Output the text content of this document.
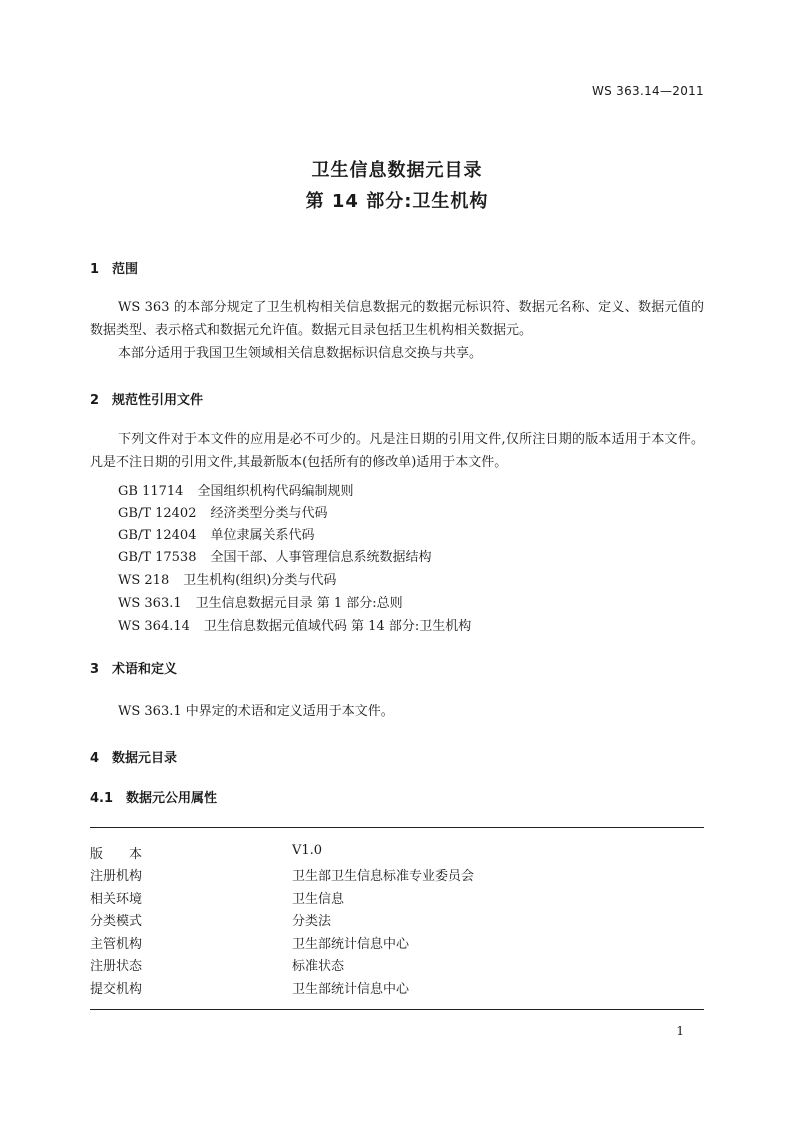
WS 363.14—2011
卫生信息数据元目录
第 14 部分:卫生机构
1 范围

WS 363 的本部分规定了卫生机构相关信息数据元的数据元标识符、数据元名称、定义、数据元值的数据类型、表示格式和数据元允许值。数据元目录包括卫生机构相关数据元。

本部分适用于我国卫生领域相关信息数据标识信息交换与共享。

2 规范性引用文件

下列文件对于本文件的应用是必不可少的。凡是注日期的引用文件,仅所注日期的版本适用于本文件。凡是不注日期的引用文件,其最新版本(包括所有的修改单)适用于本文件。

GB 11714 全国组织机构代码编制规则
GB/T 12402 经济类型分类与代码
GB/T 12404 单位隶属关系代码
GB/T 17538 全国干部、人事管理信息系统数据结构
WS 218 卫生机构(组织)分类与代码
WS 363.1 卫生信息数据元目录 第 1 部分:总则
WS 364.14 卫生信息数据元值域代码 第 14 部分:卫生机构
3 术语和定义

WS 363.1 中界定的术语和定义适用于本文件。

4 数据元目录
4.1 数据元公用属性
版　　本	V1.0
注册机构	卫生部卫生信息标准专业委员会
相关环境	卫生信息
分类模式	分类法
主管机构	卫生部统计信息中心
注册状态	标准状态
提交机构	卫生部统计信息中心
1
